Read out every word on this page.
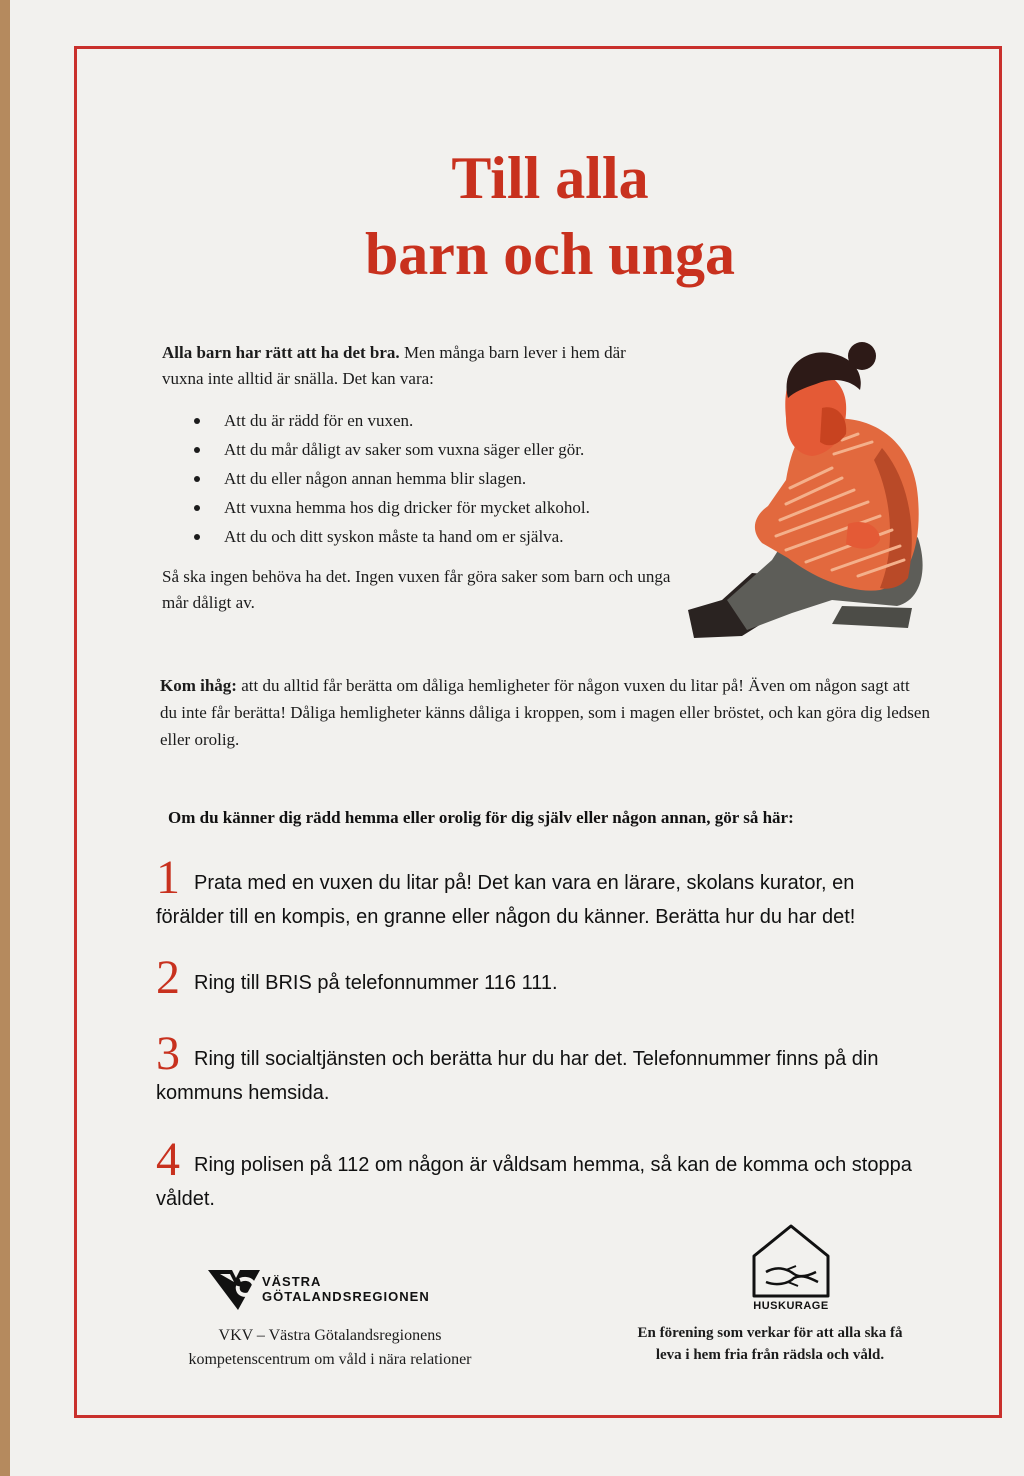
Till alla
barn och unga
Alla barn har rätt att ha det bra. Men många barn lever i hem där vuxna inte alltid är snälla. Det kan vara:
Att du är rädd för en vuxen.
Att du mår dåligt av saker som vuxna säger eller gör.
Att du eller någon annan hemma blir slagen.
Att vuxna hemma hos dig dricker för mycket alkohol.
Att du och ditt syskon måste ta hand om er själva.
Så ska ingen behöva ha det. Ingen vuxen får göra saker som barn och unga mår dåligt av.
Kom ihåg: att du alltid får berätta om dåliga hemligheter för någon vuxen du litar på! Även om någon sagt att du inte får berätta! Dåliga hemligheter känns dåliga i kroppen, som i magen eller bröstet, och kan göra dig ledsen eller orolig.
Om du känner dig rädd hemma eller orolig för dig själv eller någon annan, gör så här:
1 Prata med en vuxen du litar på! Det kan vara en lärare, skolans kurator, en förälder till en kompis, en granne eller någon du känner. Berätta hur du har det!
2 Ring till BRIS på telefonnummer 116 111.
3 Ring till socialtjänsten och berätta hur du har det. Telefonnummer finns på din kommuns hemsida.
4 Ring polisen på 112 om någon är våldsam hemma, så kan de komma och stoppa våldet.
VÄSTRA
GÖTALANDSREGIONEN
VKV – Västra Götalandsregionens
kompetenscentrum om våld i nära relationer
HUSKURAGE
En förening som verkar för att alla ska få
leva i hem fria från rädsla och våld.
